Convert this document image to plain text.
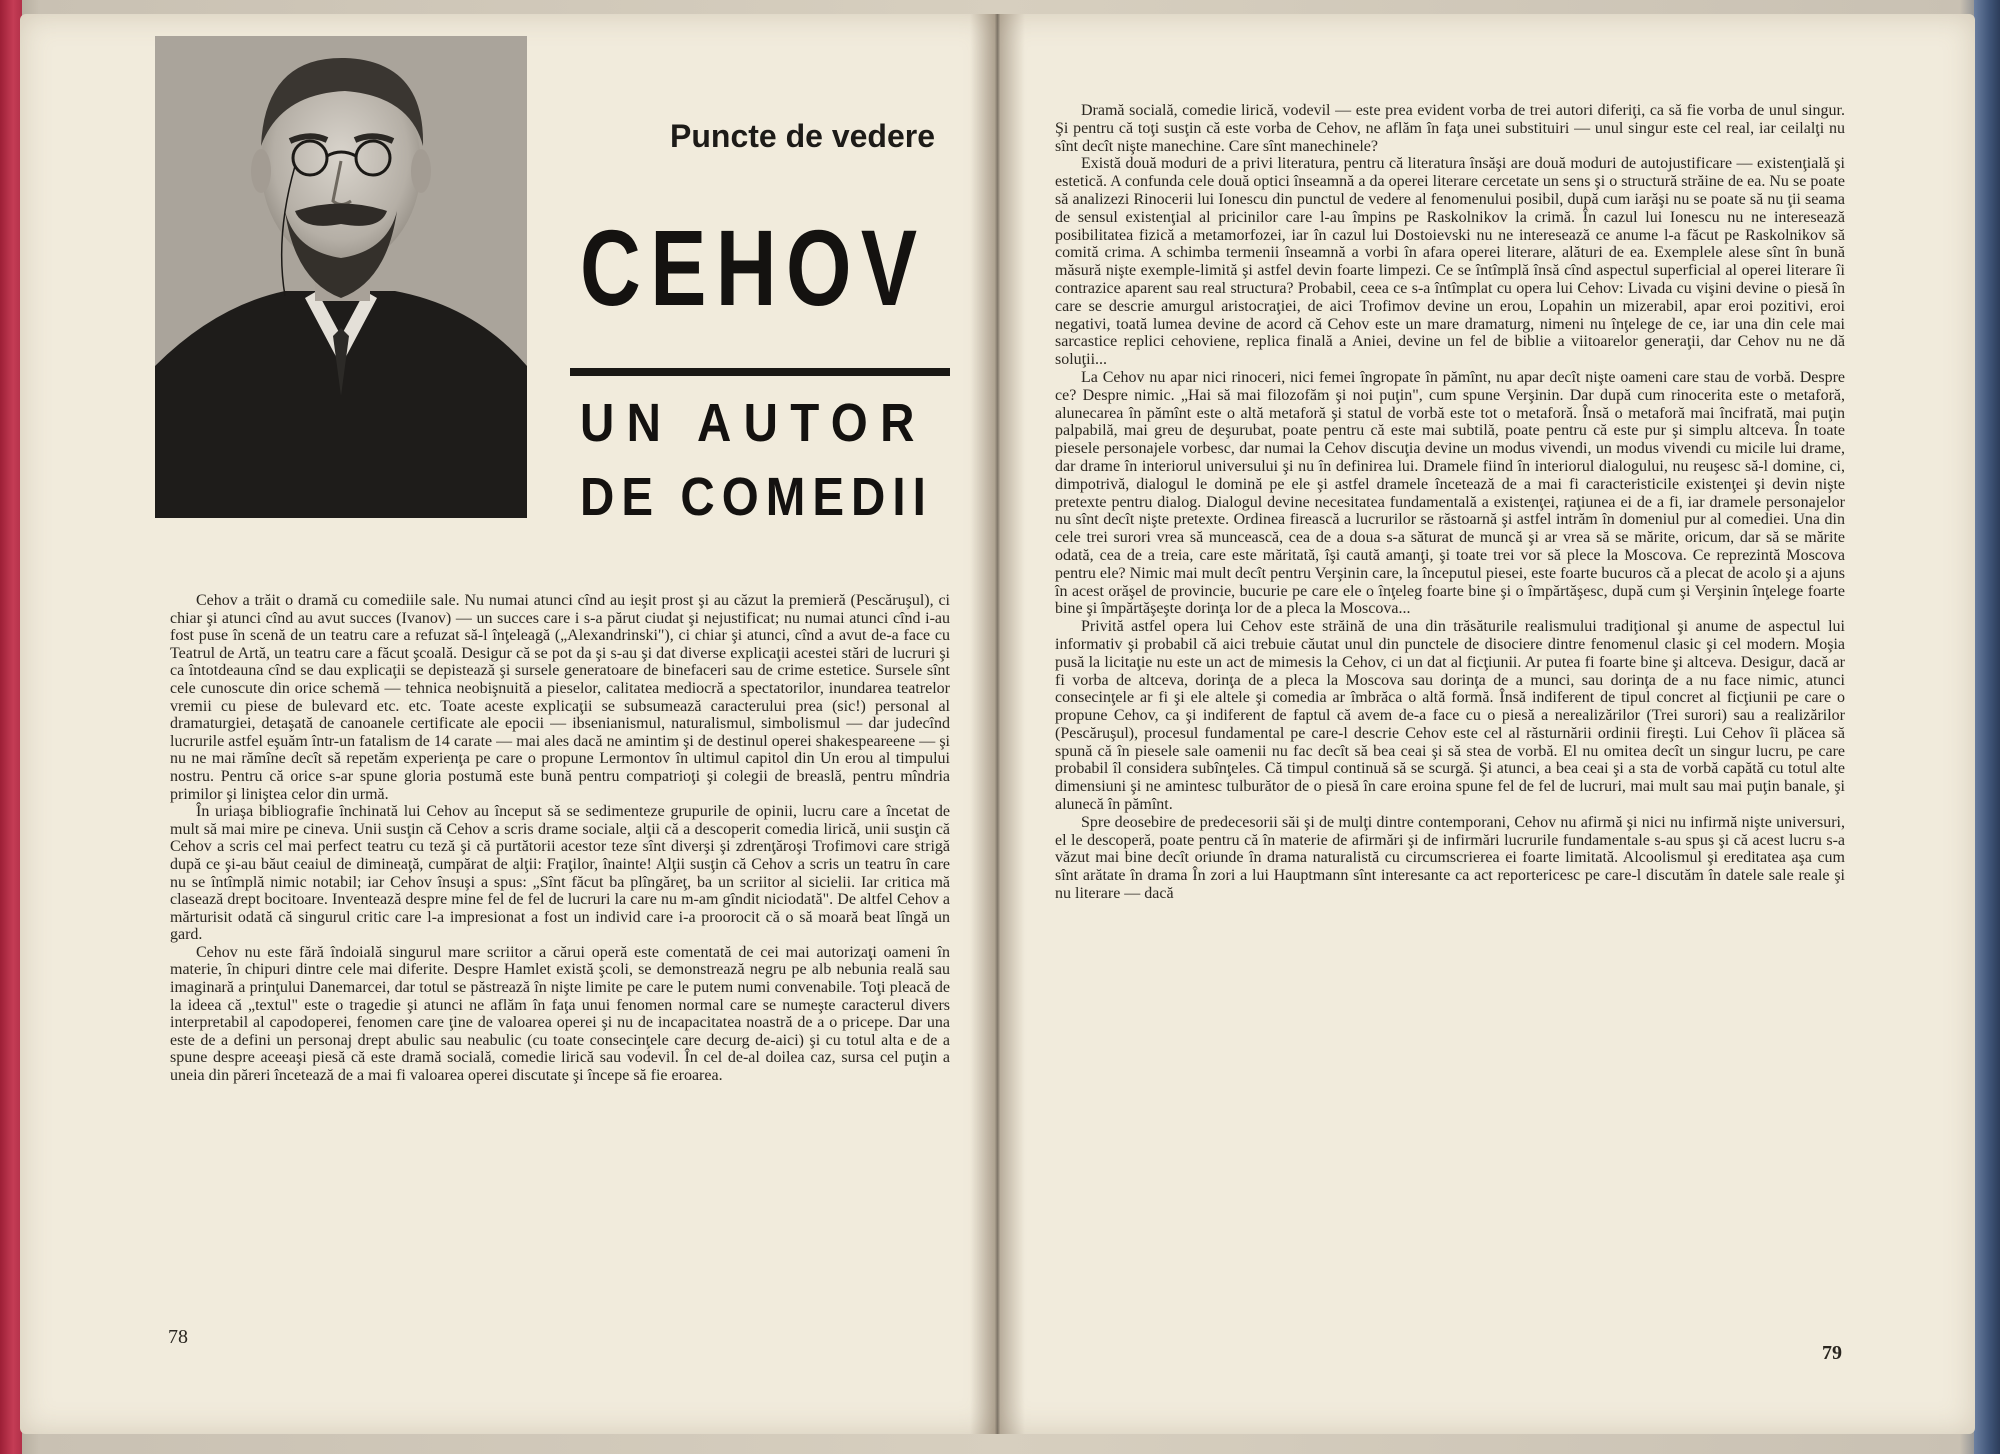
Puncte de vedere
CEHOV
UN AUTOR
DE COMEDII

Cehov a trăit o dramă cu comediile sale. Nu numai atunci cînd au ieşit prost şi au căzut la premieră (Pescăruşul), ci chiar şi atunci cînd au avut succes (Ivanov) — un succes care i s-a părut ciudat şi nejustificat; nu numai atunci cînd i-au fost puse în scenă de un teatru care a refuzat să-l înţeleagă („Alexandrinski"), ci chiar şi atunci, cînd a avut de-a face cu Teatrul de Artă, un teatru care a făcut şcoală. Desigur că se pot da şi s-au şi dat diverse explicaţii acestei stări de lucruri şi ca întotdeauna cînd se dau explicaţii se depistează şi sursele generatoare de binefaceri sau de crime estetice. Sursele sînt cele cunoscute din orice schemă — tehnica neobişnuită a pieselor, calitatea mediocră a spectatorilor, inundarea teatrelor vremii cu piese de bulevard etc. etc. Toate aceste explicaţii se subsumează caracterului prea (sic!) personal al dramaturgiei, detaşată de canoanele certificate ale epocii — ibsenianismul, naturalismul, simbolismul — dar judecînd lucrurile astfel eşuăm într-un fatalism de 14 carate — mai ales dacă ne amintim şi de destinul operei shakespeareene — şi nu ne mai rămîne decît să repetăm experienţa pe care o propune Lermontov în ultimul capitol din Un erou al timpului nostru. Pentru că orice s-ar spune gloria postumă este bună pentru compatrioţi şi colegii de breaslă, pentru mîndria primilor şi liniştea celor din urmă.

În uriaşa bibliografie închinată lui Cehov au început să se sedimenteze grupurile de opinii, lucru care a încetat de mult să mai mire pe cineva. Unii susţin că Cehov a scris drame sociale, alţii că a descoperit comedia lirică, unii susţin că Cehov a scris cel mai perfect teatru cu teză şi că purtătorii acestor teze sînt diverşi şi zdrenţăroşi Trofimovi care strigă după ce şi-au băut ceaiul de dimineaţă, cumpărat de alţii: Fraţilor, înainte! Alţii susţin că Cehov a scris un teatru în care nu se întîmplă nimic notabil; iar Cehov însuşi a spus: „Sînt făcut ba plîngăreţ, ba un scriitor al sicielii. Iar critica mă clasează drept bocitoare. Inventează despre mine fel de fel de lucruri la care nu m-am gîndit niciodată". De altfel Cehov a mărturisit odată că singurul critic care l-a impresionat a fost un individ care i-a proorocit că o să moară beat lîngă un gard.

Cehov nu este fără îndoială singurul mare scriitor a cărui operă este comentată de cei mai autorizaţi oameni în materie, în chipuri dintre cele mai diferite. Despre Hamlet există şcoli, se demonstrează negru pe alb nebunia reală sau imaginară a prinţului Danemarcei, dar totul se păstrează în nişte limite pe care le putem numi convenabile. Toţi pleacă de la ideea că „textul" este o tragedie şi atunci ne aflăm în faţa unui fenomen normal care se numeşte caracterul divers interpretabil al capodoperei, fenomen care ţine de valoarea operei şi nu de incapacitatea noastră de a o pricepe. Dar una este de a defini un personaj drept abulic sau neabulic (cu toate consecinţele care decurg de-aici) şi cu totul alta e de a spune despre aceeaşi piesă că este dramă socială, comedie lirică sau vodevil. În cel de-al doilea caz, sursa cel puţin a uneia din păreri încetează de a mai fi valoarea operei discutate şi începe să fie eroarea.

78

Dramă socială, comedie lirică, vodevil — este prea evident vorba de trei autori diferiţi, ca să fie vorba de unul singur. Şi pentru că toţi susţin că este vorba de Cehov, ne aflăm în faţa unei substituiri — unul singur este cel real, iar ceilalţi nu sînt decît nişte manechine. Care sînt manechinele?

Există două moduri de a privi literatura, pentru că literatura însăşi are două moduri de autojustificare — existenţială şi estetică. A confunda cele două optici înseamnă a da operei literare cercetate un sens şi o structură străine de ea. Nu se poate să analizezi Rinocerii lui Ionescu din punctul de vedere al fenomenului posibil, după cum iarăşi nu se poate să nu ţii seama de sensul existenţial al pricinilor care l-au împins pe Raskolnikov la crimă. În cazul lui Ionescu nu ne interesează posibilitatea fizică a metamorfozei, iar în cazul lui Dostoievski nu ne interesează ce anume l-a făcut pe Raskolnikov să comită crima. A schimba termenii înseamnă a vorbi în afara operei literare, alături de ea. Exemplele alese sînt în bună măsură nişte exemple-limită şi astfel devin foarte limpezi. Ce se întîmplă însă cînd aspectul superficial al operei literare îi contrazice aparent sau real structura? Probabil, ceea ce s-a întîmplat cu opera lui Cehov: Livada cu vişini devine o piesă în care se descrie amurgul aristocraţiei, de aici Trofimov devine un erou, Lopahin un mizerabil, apar eroi pozitivi, eroi negativi, toată lumea devine de acord că Cehov este un mare dramaturg, nimeni nu înţelege de ce, iar una din cele mai sarcastice replici cehoviene, replica finală a Aniei, devine un fel de biblie a viitoarelor generaţii, dar Cehov nu ne dă soluţii...

La Cehov nu apar nici rinoceri, nici femei îngropate în pămînt, nu apar decît nişte oameni care stau de vorbă. Despre ce? Despre nimic. „Hai să mai filozofăm şi noi puţin", cum spune Verşinin. Dar după cum rinocerita este o metaforă, alunecarea în pămînt este o altă metaforă şi statul de vorbă este tot o metaforă. Însă o metaforă mai încifrată, mai puţin palpabilă, mai greu de deşurubat, poate pentru că este mai subtilă, poate pentru că este pur şi simplu altceva. În toate piesele personajele vorbesc, dar numai la Cehov discuţia devine un modus vivendi, un modus vivendi cu micile lui drame, dar drame în interiorul universului şi nu în definirea lui. Dramele fiind în interiorul dialogului, nu reuşesc să-l domine, ci, dimpotrivă, dialogul le domină pe ele şi astfel dramele încetează de a mai fi caracteristicile existenţei şi devin nişte pretexte pentru dialog. Dialogul devine necesitatea fundamentală a existenţei, raţiunea ei de a fi, iar dramele personajelor nu sînt decît nişte pretexte. Ordinea firească a lucrurilor se răstoarnă şi astfel intrăm în domeniul pur al comediei. Una din cele trei surori vrea să muncească, cea de a doua s-a săturat de muncă şi ar vrea să se mărite, oricum, dar să se mărite odată, cea de a treia, care este măritată, îşi caută amanţi, şi toate trei vor să plece la Moscova. Ce reprezintă Moscova pentru ele? Nimic mai mult decît pentru Verşinin care, la începutul piesei, este foarte bucuros că a plecat de acolo şi a ajuns în acest orăşel de provincie, bucurie pe care ele o înţeleg foarte bine şi o împărtăşesc, după cum şi Verşinin înţelege foarte bine şi împărtăşeşte dorinţa lor de a pleca la Moscova...

Privită astfel opera lui Cehov este străină de una din trăsăturile realismului tradiţional şi anume de aspectul lui informativ şi probabil că aici trebuie căutat unul din punctele de disociere dintre fenomenul clasic şi cel modern. Moşia pusă la licitaţie nu este un act de mimesis la Cehov, ci un dat al ficţiunii. Ar putea fi foarte bine şi altceva. Desigur, dacă ar fi vorba de altceva, dorinţa de a pleca la Moscova sau dorinţa de a munci, sau dorinţa de a nu face nimic, atunci consecinţele ar fi şi ele altele şi comedia ar îmbrăca o altă formă. Însă indiferent de tipul concret al ficţiunii pe care o propune Cehov, ca şi indiferent de faptul că avem de-a face cu o piesă a nerealizărilor (Trei surori) sau a realizărilor (Pescăruşul), procesul fundamental pe care-l descrie Cehov este cel al răsturnării ordinii fireşti. Lui Cehov îi plăcea să spună că în piesele sale oamenii nu fac decît să bea ceai şi să stea de vorbă. El nu omitea decît un singur lucru, pe care probabil îl considera subînţeles. Că timpul continuă să se scurgă. Şi atunci, a bea ceai şi a sta de vorbă capătă cu totul alte dimensiuni şi ne amintesc tulburător de o piesă în care eroina spune fel de fel de lucruri, mai mult sau mai puţin banale, şi alunecă în pămînt.

Spre deosebire de predecesorii săi şi de mulţi dintre contemporani, Cehov nu afirmă şi nici nu infirmă nişte universuri, el le descoperă, poate pentru că în materie de afirmări şi de infirmări lucrurile fundamentale s-au spus şi că acest lucru s-a văzut mai bine decît oriunde în drama naturalistă cu circumscrierea ei foarte limitată. Alcoolismul şi ereditatea aşa cum sînt arătate în drama În zori a lui Hauptmann sînt interesante ca act reportericesc pe care-l discutăm în datele sale reale şi nu literare — dacă

79
